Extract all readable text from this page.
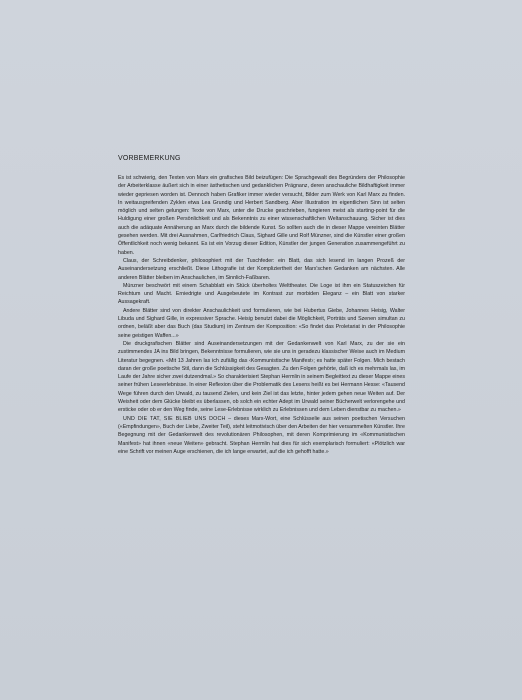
VORBEMERKUNG

Es ist schwierig, den Texten von Marx ein grafisches Bild beizufügen: Die Sprachgewalt des Begründers der Philosophie der Arbeiterklasse äußert sich in einer ästhetischen und gedanklichen Prägnanz, deren anschauliche Bildhaftigkeit immer wieder gepriesen worden ist. Dennoch haben Grafiker immer wieder versucht, Bilder zum Werk von Karl Marx zu finden. In weitausgreifenden Zyklen etwa Lea Grundig und Herbert Sandberg. Aber Illustration im eigentlichen Sinn ist selten möglich und selten gelungen: Texte von Marx, unter die Drucke geschrieben, fungieren meist als starting-point für die Huldigung einer großen Persönlichkeit und als Bekenntnis zu einer wissenschaftlichen Weltanschauung. Sicher ist dies auch die adäquate Annäherung an Marx durch die bildende Kunst. So sollten auch die in dieser Mappe vereinten Blätter gesehen werden. Mit drei Ausnahmen, Carlfriedrich Claus, Sighard Gille und Rolf Münzner, sind die Künstler einer großen Öffentlichkeit noch wenig bekannt. Es ist ein Vorzug dieser Edition, Künstler der jungen Generation zusammengeführt zu haben.

Claus, der Schreibdenker, philosophiert mit der Tuschfeder: ein Blatt, das sich lesend im langen Prozeß der Auseinandersetzung erschließt. Diese Lithografie ist der Kompliziertheit der Marx'schen Gedanken am nächsten. Alle anderen Blätter bleiben im Anschaulichen, im Sinnlich-Faßbaren.

Münzner beschwört mit einem Schabblatt ein Stück überholtes Welttheater. Die Loge ist ihm ein Statuszeichen für Reichtum und Macht. Erniedrigte und Ausgebeutete im Kontrast zur morbiden Eleganz – ein Blatt von starker Aussagekraft.

Andere Blätter sind von direkter Anschaulichkeit und formulieren, wie bei Hubertus Giebe, Johannes Heisig, Walter Libuda und Sighard Gille, in expressiver Sprache. Heisig benutzt dabei die Möglichkeit, Porträts und Szenen simultan zu ordnen, beläßt aber das Buch (das Studium) im Zentrum der Komposition: «So findet das Proletariat in der Philosophie seine geistigen Waffen...»

Die druckgrafischen Blätter sind Auseinandersetzungen mit der Gedankenwelt von Karl Marx, zu der sie ein zustimmendes JA ins Bild bringen, Bekenntnisse formulieren, wie sie uns in geradezu klassischer Weise auch im Medium Literatur begegnen. «Mit 13 Jahren las ich zufällig das ‹Kommunistische Manifest›; es hatte später Folgen. Mich bestach daran der große poetische Stil, dann die Schlüssigkeit des Gesagten. Zu den Folgen gehörte, daß ich es mehrmals las, im Laufe der Jahre sicher zwei dutzendmal.» So charakterisiert Stephan Hermlin in seinem Begleittext zu dieser Mappe eines seiner frühen Leseerlebnisse. In einer Reflexion über die Problematik des Lesens heißt es bei Hermann Hesse: «Tausend Wege führen durch den Urwald, zu tausend Zielen, und kein Ziel ist das letzte, hinter jedem gehen neue Weiten auf. Der Weisheit oder dem Glücke bleibt es überlassen, ob solch ein echter Adept im Urwald seiner Bücherwelt verlorengehe und ersticke oder ob er den Weg finde, seine Lese-Erlebnisse wirklich zu Erlebnissen und dem Leben dienstbar zu machen.»

UND DIE TAT, SIE BLIEB UNS DOCH – dieses Marx-Wort, eine Schlüsselie aus seinen poetischen Versuchen («Empfindungen», Buch der Liebe, Zweiter Teil), steht leitmotivisch über den Arbeiten der hier versammelten Künstler. Ihre Begegnung mit der Gedankenwelt des revolutionären Philosophen, mit deren Komprimierung im «Kommunistischen Manifest» hat ihnen «neue Weiten» gebracht. Stephan Hermlin hat dies für sich exemplarisch formuliert: «Plötzlich war eine Schrift vor meinen Auge erschienen, die ich lange erwartet, auf die ich gehofft hatte.»
